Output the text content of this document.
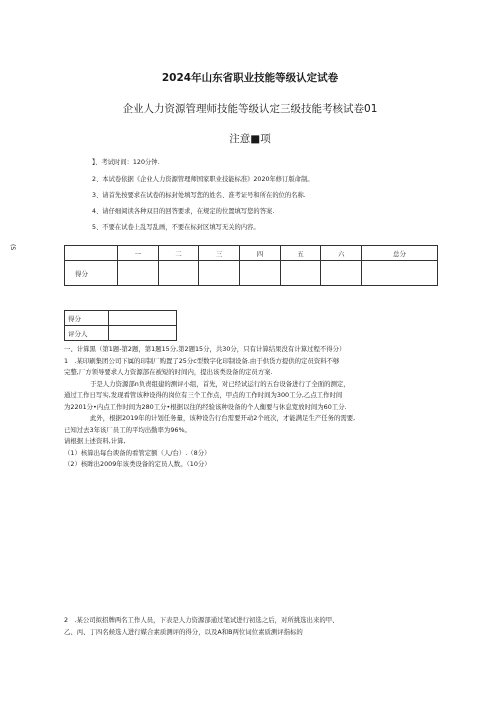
2024年山东省职业技能等级认定试卷
企业人力资源管理师技能等级认定三级技能考核试卷01
注意■项
(S
】、考试时间：120分钟.
2、本试卷依据《企业人力资源管理师国家职业技能标准》2020年修订版命制。
3、请首先按要求在试卷的标封处填写您的姓名、准考证号和所在的位的名称.
4、请仔细阅读各种双目的回答要求，在规定的位置填写您的答案.
5、不要在试卷上乱写乱画，不要在标封区填写无关的内容。
	一	二	三	四	五	六	总分
得分							
得分	
评分人	

一、计算黑（第1题-第2题，第1题15分,第2题15分，共30分，只有计算结果没有计算过程不得分）

1　.某印刷集团公司下属的印制厂购置了25分c型数字化印制设备.由于供货方提供的定员资料不够

完整,厂方领导要求人力资源部在被短的时间内，提出该类设备的定员方案.

于是人力资源部n负责组建的测评小组，首先，对已经试运行的五台设备进行了全面的测定，

通过工作日写实,发现看管该种设得的岗位有三个工作点，甲点的工作时间为300工分,乙点工作时间

为2201分•内点工作时间为280工分•根据以往的经验该种设备的个人衡要与休息宽放时间为60工分.

此外，根据2019年的计划任务量，该种设告行台需要开动2个班次，才能满足生产任务的需要,

已知过去3年该厂员工的平均出勤率为96%。

请根据上述资料,计算,

（1）核算出每台谀备的看管定额（人/台）.（8分）

（2）核眸出2009年该类设备的定员人数。（10分）

2　.某公司拟招牌两名工作人员，下表是人力资源部通过笔试进行初选之后，对所挑选出来的甲、

乙、丙、丁四名候选人进行媒合素质测评的得分，以及A和B两位词位素质测评指标的
